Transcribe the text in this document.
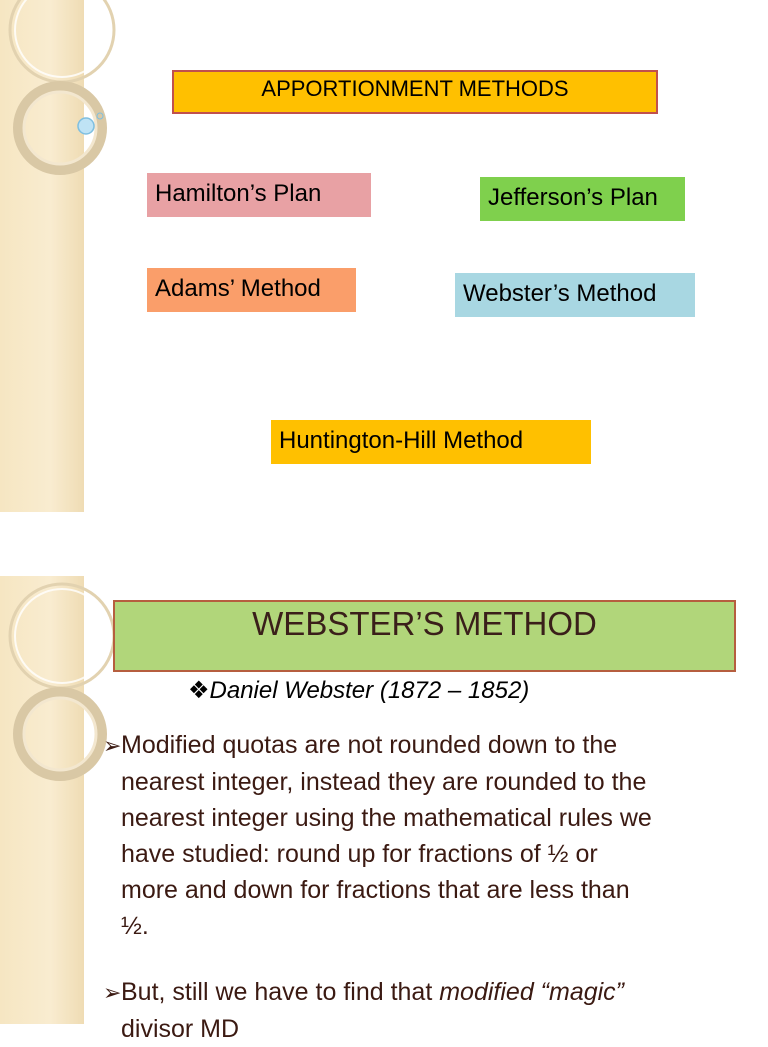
APPORTIONMENT METHODS
Hamilton’s Plan	Jefferson’s Plan
Adams’ Method	Webster’s Method
Huntington-Hill Method
WEBSTER’S METHOD
❖Daniel Webster (1872 – 1852)
➢Modified quotas are not rounded down to the
nearest integer, instead they are rounded to the
nearest integer using the mathematical rules we
have studied: round up for fractions of ½ or
more and down for fractions that are less than
½.
➢But, still we have to find that modified “magic”
divisor MD
